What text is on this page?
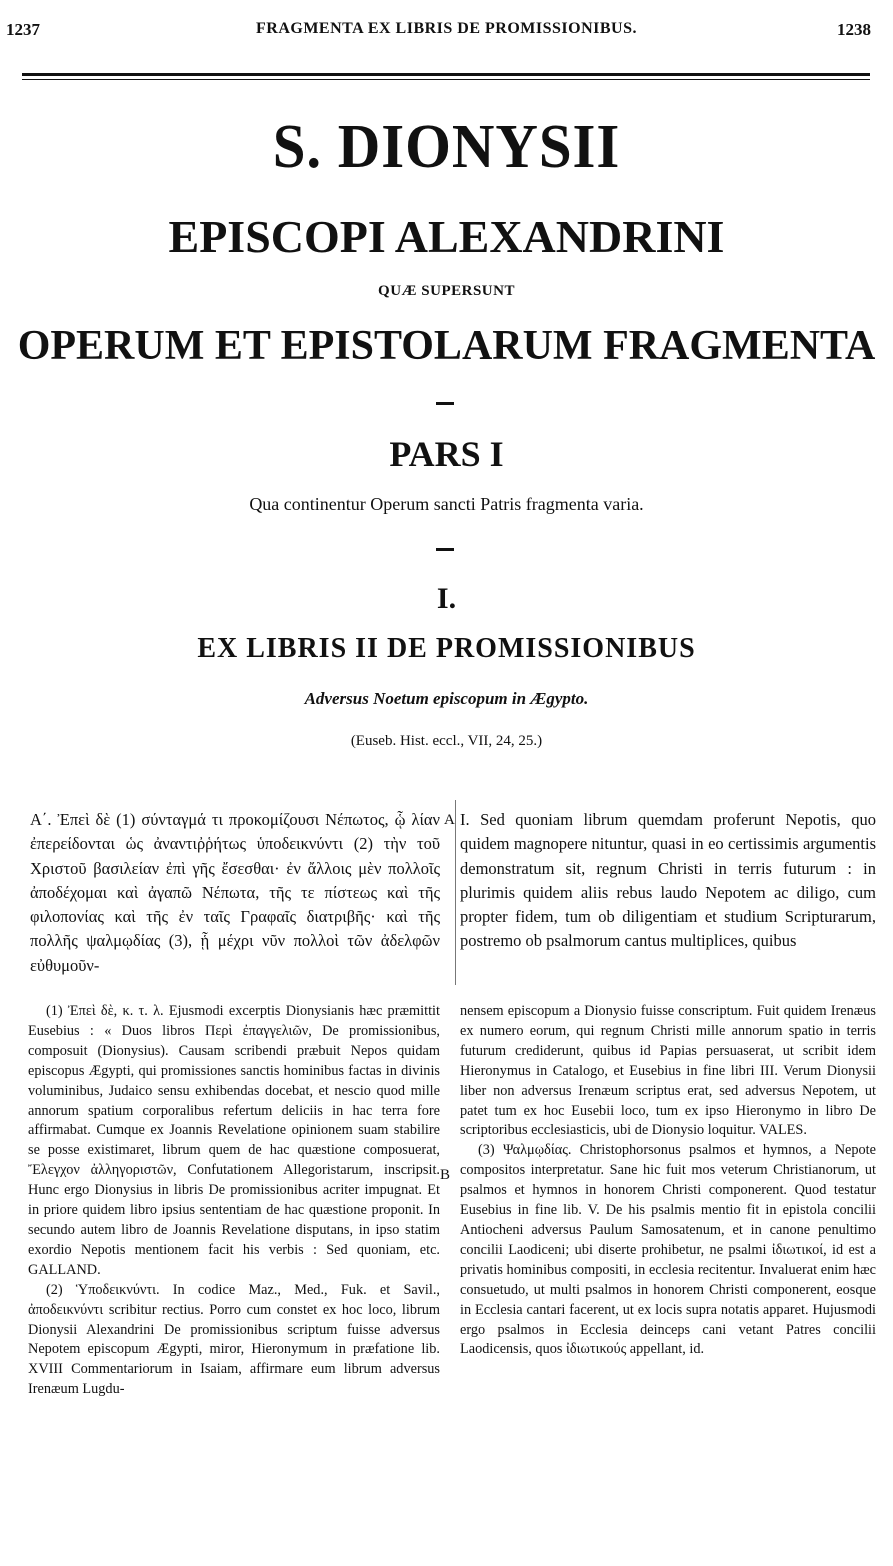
1237	FRAGMENTA EX LIBRIS DE PROMISSIONIBUS.	1238
S. DIONYSII
EPISCOPI ALEXANDRINI
QUÆ SUPERSUNT
OPERUM ET EPISTOLARUM FRAGMENTA
PARS I
Qua continentur Operum sancti Patris fragmenta varia.
I.
EX LIBRIS II DE PROMISSIONIBUS
Adversus Noetum episcopum in Ægypto.
(Euseb. Hist. eccl., VII, 24, 25.)
Α΄. Ἐπεὶ δὲ (1) σύνταγμά τι προκομίζουσι Νέπωτος, ᾧ λίαν ἐπερείδονται ὡς ἀναντιῤῥήτως ὑποδεικνύντι (2) τὴν τοῦ Χριστοῦ βασιλείαν ἐπὶ γῆς ἔσεσθαι· ἐν ἄλλοις μὲν πολλοῖς ἀποδέχομαι καὶ ἀγαπῶ Νέπωτα, τῆς τε πίστεως καὶ τῆς φιλοπονίας καὶ τῆς ἐν ταῖς Γραφαῖς διατριβῆς· καὶ τῆς πολλῆς ψαλμῳδίας (3), ᾗ μέχρι νῦν πολλοὶ τῶν ἀδελφῶν εὐθυμοῦν-
I. Sed quoniam librum quemdam proferunt Nepotis, quo quidem magnopere nituntur, quasi in eo certissimis argumentis demonstratum sit, regnum Christi in terris futurum : in plurimis quidem aliis rebus laudo Nepotem ac diligo, cum propter fidem, tum ob diligentiam et studium Scripturarum, postremo ob psalmorum cantus multiplices, quibus
A
B

(1) Ἐπεὶ δὲ, κ. τ. λ. Ejusmodi excerptis Dionysianis hæc præmittit Eusebius : « Duos libros Περὶ ἐπαγγελιῶν, De promissionibus, composuit (Dionysius). Causam scribendi præbuit Nepos quidam episcopus Ægypti, qui promissiones sanctis hominibus factas in divinis voluminibus, Judaico sensu exhibendas docebat, et nescio quod mille annorum spatium corporalibus refertum deliciis in hac terra fore affirmabat. Cumque ex Joannis Revelatione opinionem suam stabilire se posse existimaret, librum quem de hac quæstione composuerat, Ἔλεγχον ἀλληγοριστῶν, Confutationem Allegoristarum, inscripsit. Hunc ergo Dionysius in libris De promissionibus acriter impugnat. Et in priore quidem libro ipsius sententiam de hac quæstione proponit. In secundo autem libro de Joannis Revelatione disputans, in ipso statim exordio Nepotis mentionem facit his verbis : Sed quoniam, etc. GALLAND.

(2) Ὑποδεικνύντι. In codice Maz., Med., Fuk. et Savil., ἀποδεικνύντι scribitur rectius. Porro cum constet ex hoc loco, librum Dionysii Alexandrini De promissionibus scriptum fuisse adversus Nepotem episcopum Ægypti, miror, Hieronymum in præfatione lib. XVIII Commentariorum in Isaiam, affirmare eum librum adversus Irenæum Lugdu-

nensem episcopum a Dionysio fuisse conscriptum. Fuit quidem Irenæus ex numero eorum, qui regnum Christi mille annorum spatio in terris futurum crediderunt, quibus id Papias persuaserat, ut scribit idem Hieronymus in Catalogo, et Eusebius in fine libri III. Verum Dionysii liber non adversus Irenæum scriptus erat, sed adversus Nepotem, ut patet tum ex hoc Eusebii loco, tum ex ipso Hieronymo in libro De scriptoribus ecclesiasticis, ubi de Dionysio loquitur. VALES.

(3) Ψαλμῳδίας. Christophorsonus psalmos et hymnos, a Nepote compositos interpretatur. Sane hic fuit mos veterum Christianorum, ut psalmos et hymnos in honorem Christi componerent. Quod testatur Eusebius in fine lib. V. De his psalmis mentio fit in epistola concilii Antiocheni adversus Paulum Samosatenum, et in canone penultimo concilii Laodiceni; ubi diserte prohibetur, ne psalmi ἰδιωτικοί, id est a privatis hominibus compositi, in ecclesia recitentur. Invaluerat enim hæc consuetudo, ut multi psalmos in honorem Christi componerent, eosque in Ecclesia cantari facerent, ut ex locis supra notatis apparet. Hujusmodi ergo psalmos in Ecclesia deinceps cani vetant Patres concilii Laodicensis, quos ἰδιωτικούς appellant, id.
